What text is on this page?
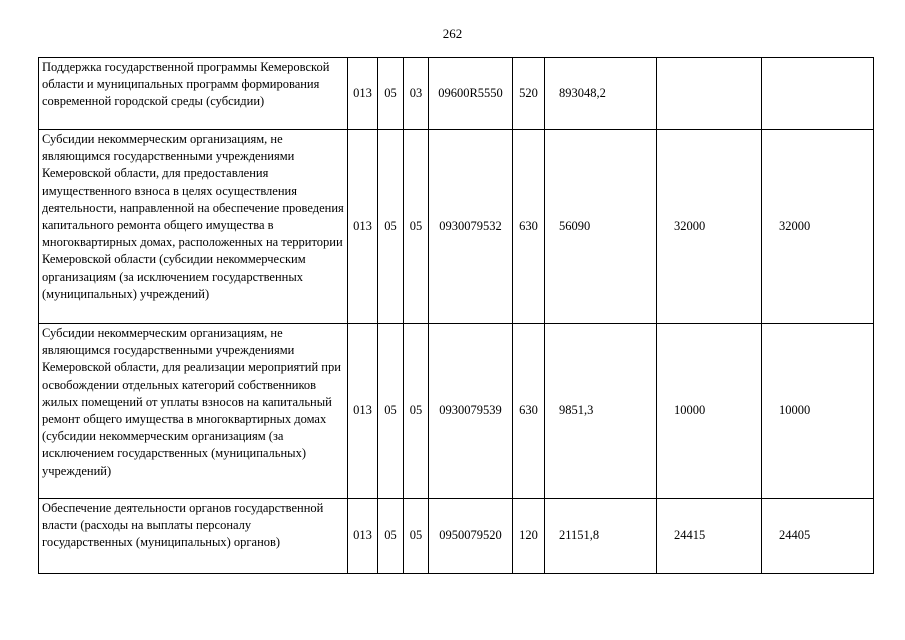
262
Поддержка государственной программы Кемеровской области и муниципальных программ формирования современной городской среды (субсидии)	013	05	03	09600R5550	520	893048,2		
Субсидии некоммерческим организациям, не являющимся государственными учреждениями Кемеровской области, для предоставления имущественного взноса в целях осуществления деятельности, направленной на обеспечение проведения капитального ремонта общего имущества в многоквартирных домах, расположенных на территории Кемеровской области (субсидии некоммерческим организациям (за исключением государственных (муниципальных) учреждений)	013	05	05	0930079532	630	56090	32000	32000
Субсидии некоммерческим организациям, не являющимся государственными учреждениями Кемеровской области, для реализации мероприятий при освобождении отдельных категорий собственников жилых помещений от уплаты взносов на капитальный ремонт общего имущества в многоквартирных домах (субсидии некоммерческим организациям (за исключением государственных (муниципальных) учреждений)	013	05	05	0930079539	630	9851,3	10000	10000
Обеспечение деятельности органов государственной власти (расходы на выплаты персоналу государственных (муниципальных) органов)	013	05	05	0950079520	120	21151,8	24415	24405
